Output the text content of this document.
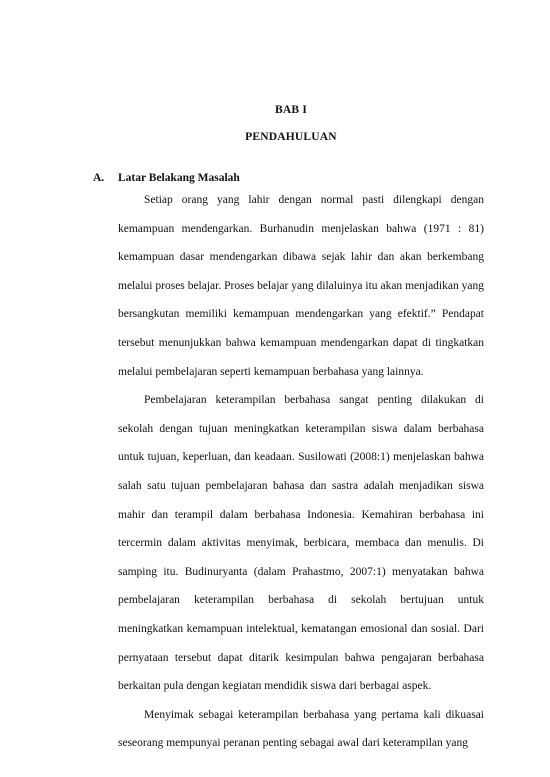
BAB I
PENDAHULUAN
A. Latar Belakang Masalah

Setiap orang yang lahir dengan normal pasti dilengkapi dengan kemampuan mendengarkan. Burhanudin menjelaskan bahwa (1971 : 81) kemampuan dasar mendengarkan dibawa sejak lahir dan akan berkembang melalui proses belajar. Proses belajar yang dilaluinya itu akan menjadikan yang bersangkutan memiliki kemampuan mendengarkan yang efektif.” Pendapat tersebut menunjukkan bahwa kemampuan mendengarkan dapat di tingkatkan melalui pembelajaran seperti kemampuan berbahasa yang lainnya.

Pembelajaran keterampilan berbahasa sangat penting dilakukan di sekolah dengan tujuan meningkatkan keterampilan siswa dalam berbahasa untuk tujuan, keperluan, dan keadaan. Susilowati (2008:1) menjelaskan bahwa salah satu tujuan pembelajaran bahasa dan sastra adalah menjadikan siswa mahir dan terampil dalam berbahasa Indonesia. Kemahiran berbahasa ini tercermin dalam aktivitas menyimak, berbicara, membaca dan menulis. Di samping itu. Budinuryanta (dalam Prahastmo, 2007:1) menyatakan bahwa pembelajaran keterampilan berbahasa di sekolah bertujuan untuk meningkatkan kemampuan intelektual, kematangan emosional dan sosial. Dari pernyataan tersebut dapat ditarik kesimpulan bahwa pengajaran berbahasa berkaitan pula dengan kegiatan mendidik siswa dari berbagai aspek.

Menyimak sebagai keterampilan berbahasa yang pertama kali dikuasai seseorang mempunyai peranan penting sebagai awal dari keterampilan yang
